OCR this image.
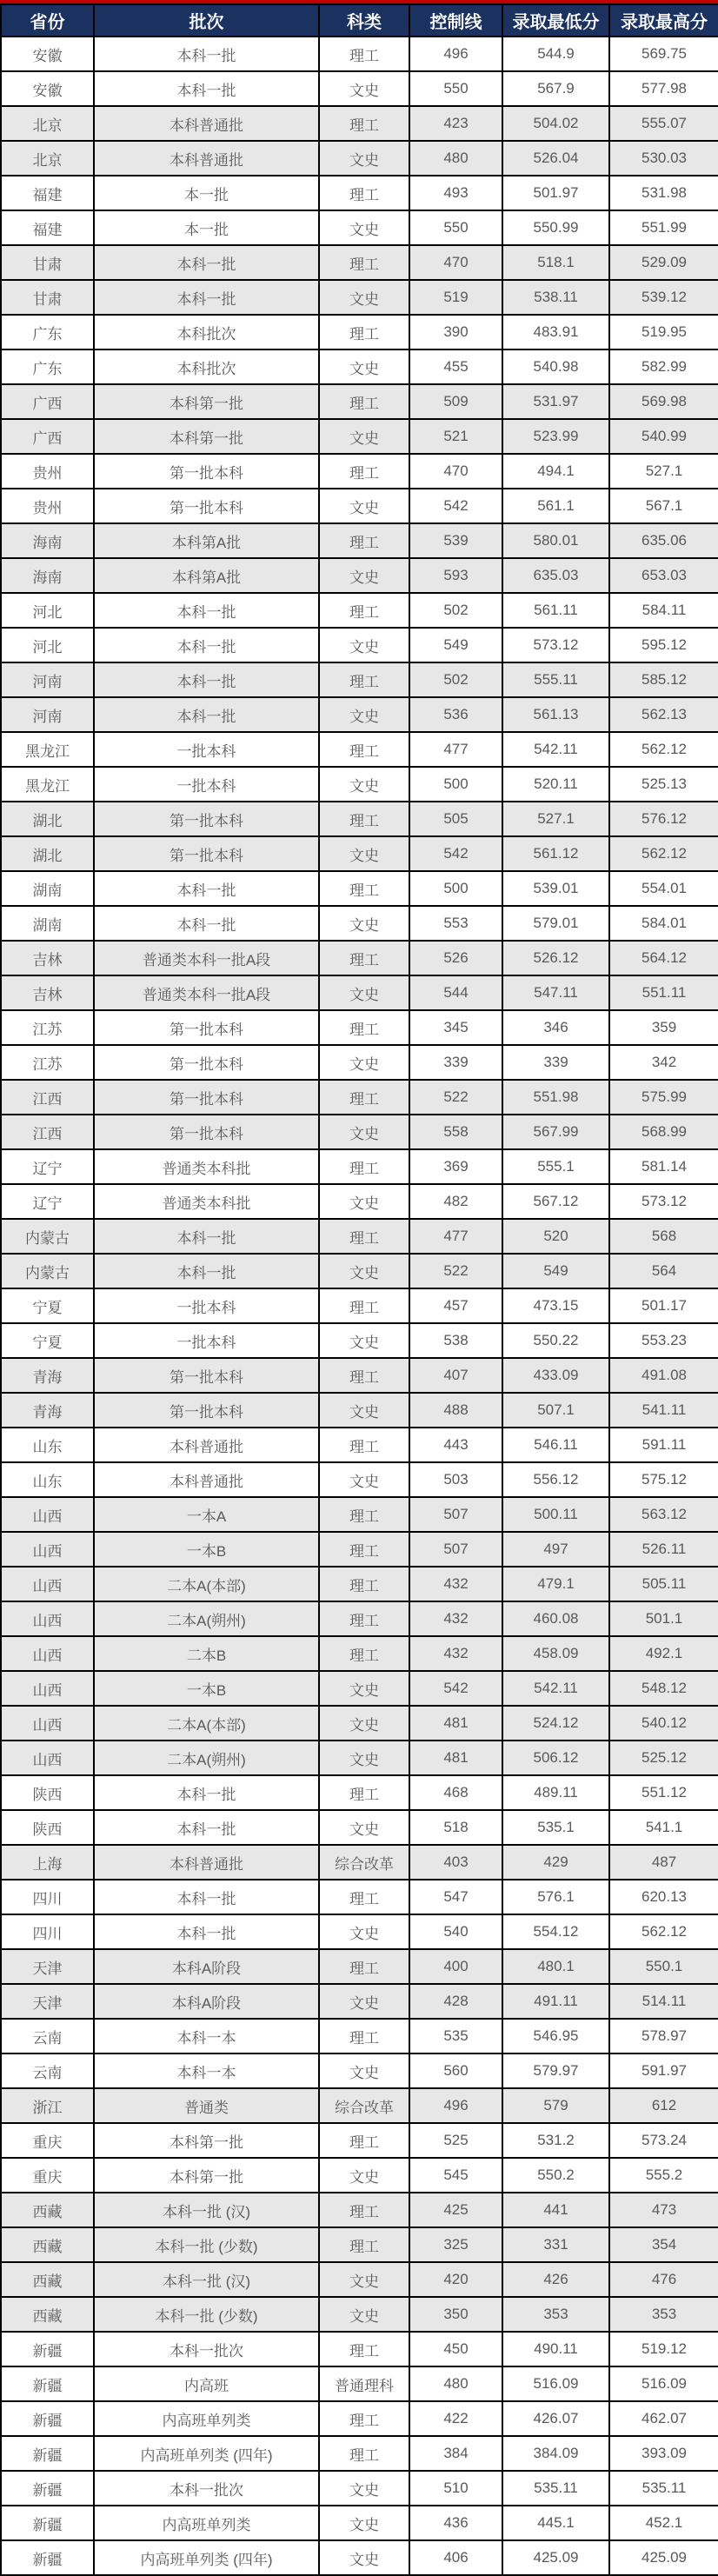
省份	批次	科类	控制线	录取最低分	录取最高分
安徽	本科一批	理工	496	544.9	569.75
安徽	本科一批	文史	550	567.9	577.98
北京	本科普通批	理工	423	504.02	555.07
北京	本科普通批	文史	480	526.04	530.03
福建	本一批	理工	493	501.97	531.98
福建	本一批	文史	550	550.99	551.99
甘肃	本科一批	理工	470	518.1	529.09
甘肃	本科一批	文史	519	538.11	539.12
广东	本科批次	理工	390	483.91	519.95
广东	本科批次	文史	455	540.98	582.99
广西	本科第一批	理工	509	531.97	569.98
广西	本科第一批	文史	521	523.99	540.99
贵州	第一批本科	理工	470	494.1	527.1
贵州	第一批本科	文史	542	561.1	567.1
海南	本科第A批	理工	539	580.01	635.06
海南	本科第A批	文史	593	635.03	653.03
河北	本科一批	理工	502	561.11	584.11
河北	本科一批	文史	549	573.12	595.12
河南	本科一批	理工	502	555.11	585.12
河南	本科一批	文史	536	561.13	562.13
黑龙江	一批本科	理工	477	542.11	562.12
黑龙江	一批本科	文史	500	520.11	525.13
湖北	第一批本科	理工	505	527.1	576.12
湖北	第一批本科	文史	542	561.12	562.12
湖南	本科一批	理工	500	539.01	554.01
湖南	本科一批	文史	553	579.01	584.01
吉林	普通类本科一批A段	理工	526	526.12	564.12
吉林	普通类本科一批A段	文史	544	547.11	551.11
江苏	第一批本科	理工	345	346	359
江苏	第一批本科	文史	339	339	342
江西	第一批本科	理工	522	551.98	575.99
江西	第一批本科	文史	558	567.99	568.99
辽宁	普通类本科批	理工	369	555.1	581.14
辽宁	普通类本科批	文史	482	567.12	573.12
内蒙古	本科一批	理工	477	520	568
内蒙古	本科一批	文史	522	549	564
宁夏	一批本科	理工	457	473.15	501.17
宁夏	一批本科	文史	538	550.22	553.23
青海	第一批本科	理工	407	433.09	491.08
青海	第一批本科	文史	488	507.1	541.11
山东	本科普通批	理工	443	546.11	591.11
山东	本科普通批	文史	503	556.12	575.12
山西	一本A	理工	507	500.11	563.12
山西	一本B	理工	507	497	526.11
山西	二本A(本部)	理工	432	479.1	505.11
山西	二本A(朔州)	理工	432	460.08	501.1
山西	二本B	理工	432	458.09	492.1
山西	一本B	文史	542	542.11	548.12
山西	二本A(本部)	文史	481	524.12	540.12
山西	二本A(朔州)	文史	481	506.12	525.12
陕西	本科一批	理工	468	489.11	551.12
陕西	本科一批	文史	518	535.1	541.1
上海	本科普通批	综合改革	403	429	487
四川	本科一批	理工	547	576.1	620.13
四川	本科一批	文史	540	554.12	562.12
天津	本科A阶段	理工	400	480.1	550.1
天津	本科A阶段	文史	428	491.11	514.11
云南	本科一本	理工	535	546.95	578.97
云南	本科一本	文史	560	579.97	591.97
浙江	普通类	综合改革	496	579	612
重庆	本科第一批	理工	525	531.2	573.24
重庆	本科第一批	文史	545	550.2	555.2
西藏	本科一批 (汉)	理工	425	441	473
西藏	本科一批 (少数)	理工	325	331	354
西藏	本科一批 (汉)	文史	420	426	476
西藏	本科一批 (少数)	文史	350	353	353
新疆	本科一批次	理工	450	490.11	519.12
新疆	内高班	普通理科	480	516.09	516.09
新疆	内高班单列类	理工	422	426.07	462.07
新疆	内高班单列类 (四年)	理工	384	384.09	393.09
新疆	本科一批次	文史	510	535.11	535.11
新疆	内高班单列类	文史	436	445.1	452.1
新疆	内高班单列类 (四年)	文史	406	425.09	425.09
